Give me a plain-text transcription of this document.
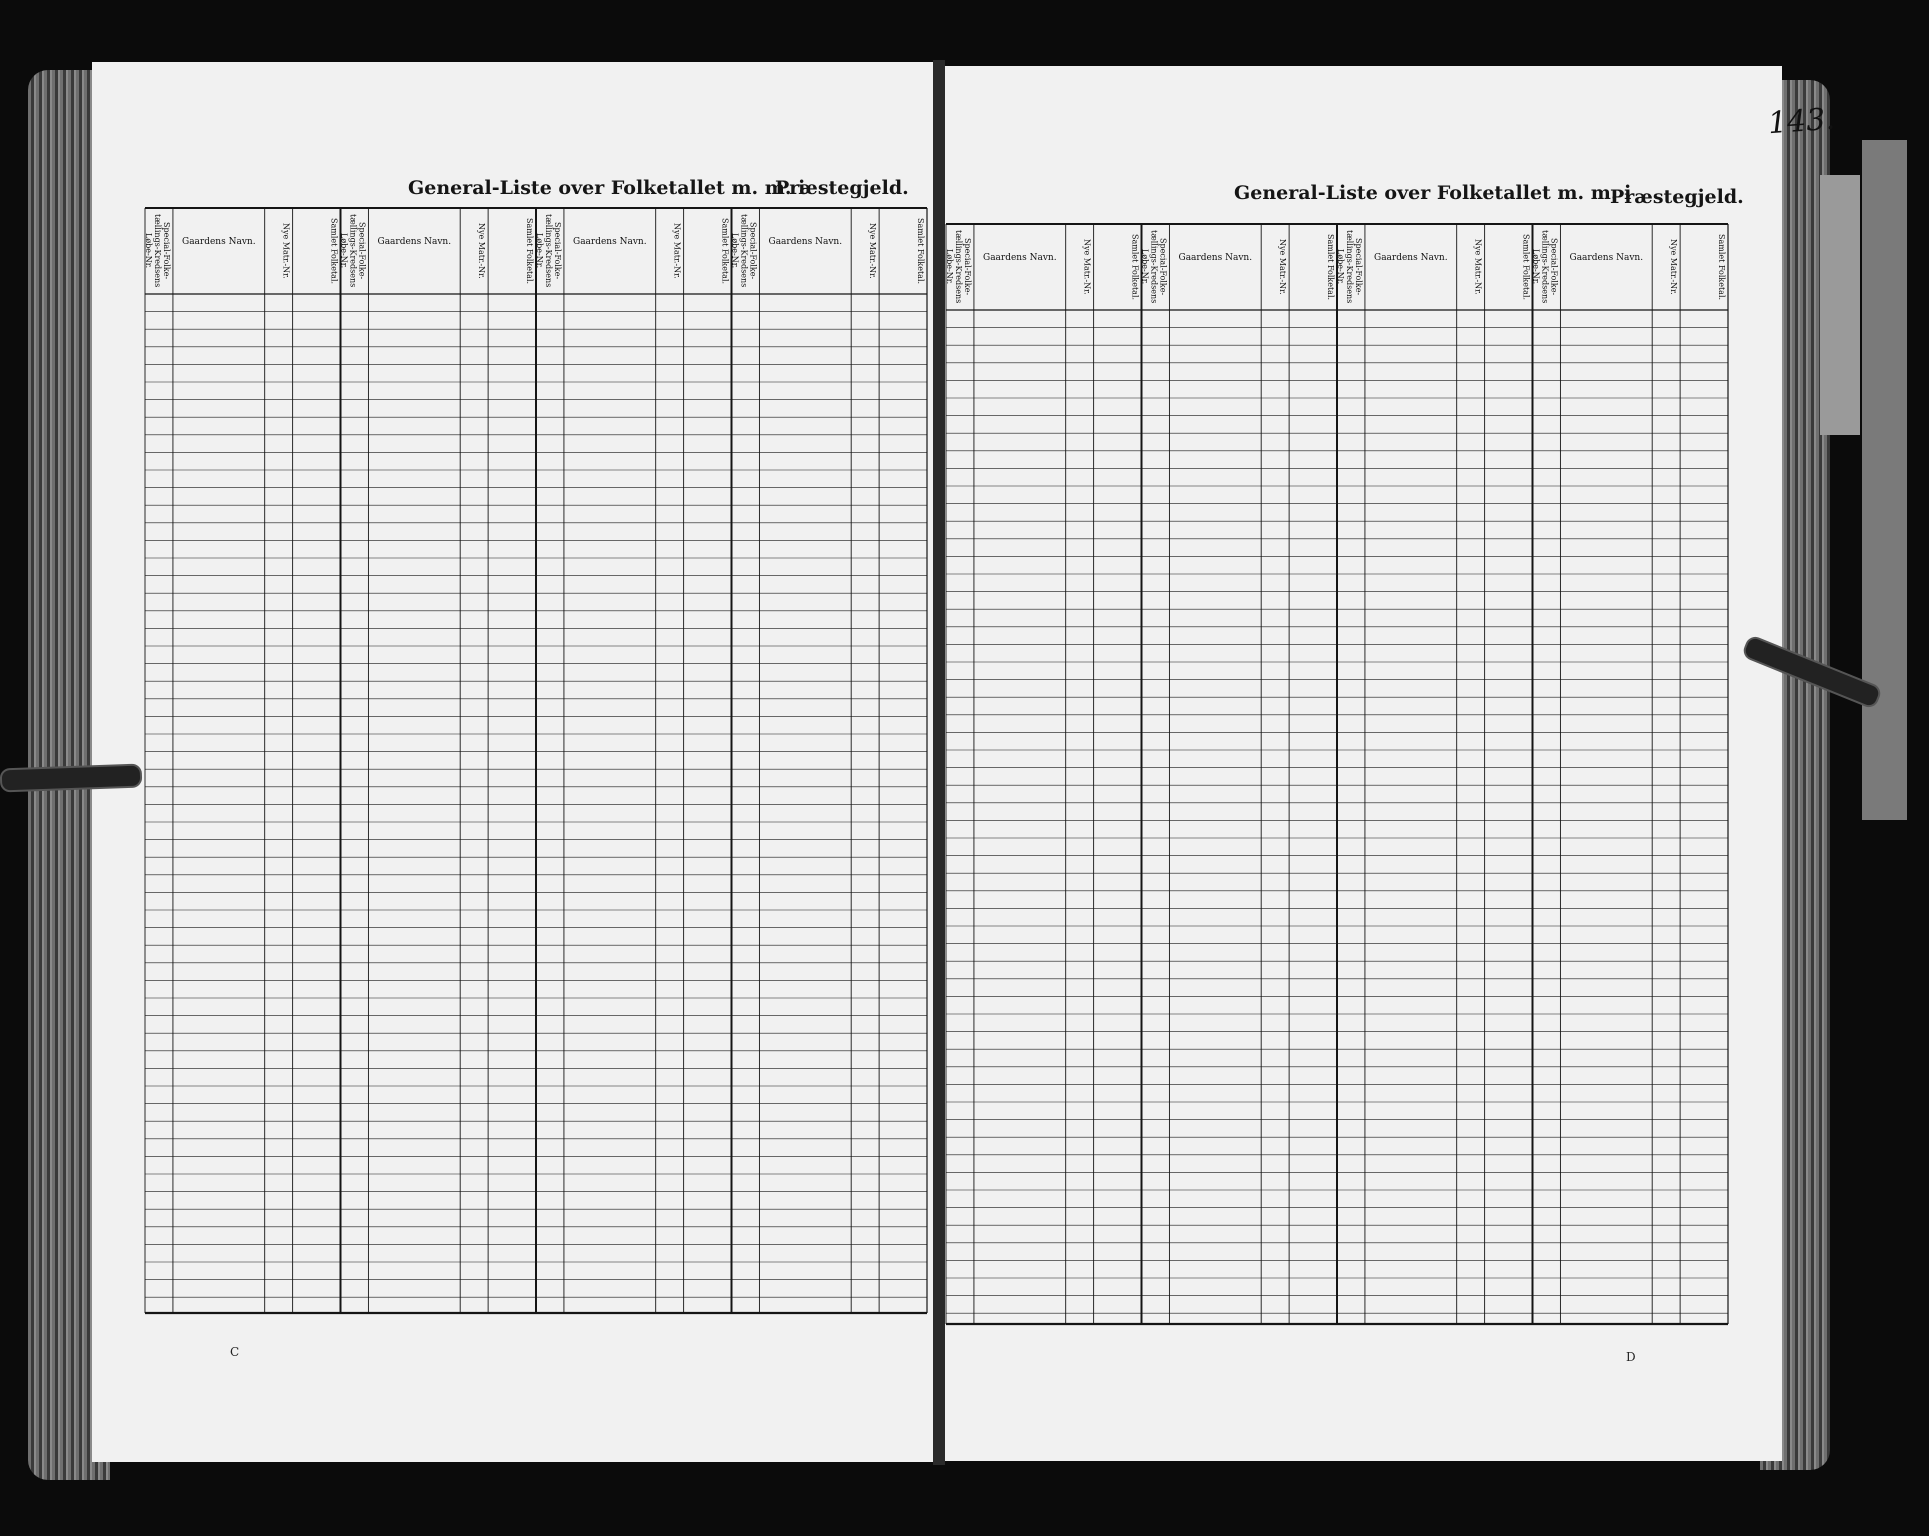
General-Liste over Folketallet m. m. i
Præstegjeld.	General-Liste over Folketallet m. m. i
Præstegjeld.
143.
C	D
Special-Folke-tællings-Kredsens Løbe-Nr.	Gaardens Navn.	Nye Matr.-Nr.	Samlet Folketal.	Special-Folke-tællings-Kredsens Løbe-Nr.	Gaardens Navn.	Nye Matr.-Nr.	Samlet Folketal.	Special-Folke-tællings-Kredsens Løbe-Nr.	Gaardens Navn.	Nye Matr.-Nr.	Samlet Folketal.	Special-Folke-tællings-Kredsens Løbe-Nr.	Gaardens Navn.	Nye Matr.-Nr.	Samlet Folketal.	Special-Folke-tællings-Kredsens Løbe-Nr.	Gaardens Navn.	Nye Matr.-Nr.	Samlet Folketal.	Special-Folke-tællings-Kredsens Løbe-Nr.	Gaardens Navn.	Nye Matr.-Nr.	Samlet Folketal.	Special-Folke-tællings-Kredsens Løbe-Nr.	Gaardens Navn.	Nye Matr.-Nr.	Samlet Folketal.	Special-Folke-tællings-Kredsens Løbe-Nr.	Gaardens Navn.	Nye Matr.-Nr.	Samlet Folketal.
